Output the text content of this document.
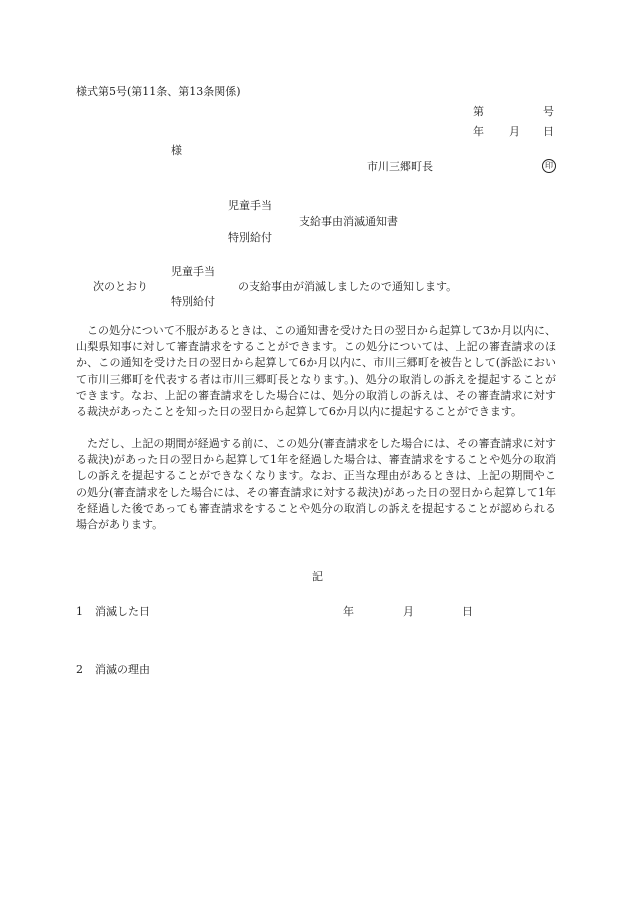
様式第5号(第11条、第13条関係)
第	号
年 月 日
様
市川三郷町長	印
児童手当
支給事由消滅通知書
特別給付
児童手当
次のとおり	の支給事由が消滅しましたので通知します。
特別給付
この処分について不服があるときは、この通知書を受けた日の翌日から起算して3か月以内に、山梨県知事に対して審査請求をすることができます。この処分については、上記の審査請求のほか、この通知を受けた日の翌日から起算して6か月以内に、市川三郷町を被告として(訴訟において市川三郷町を代表する者は市川三郷町長となります。)、処分の取消しの訴えを提起することができます。なお、上記の審査請求をした場合には、処分の取消しの訴えは、その審査請求に対する裁決があったことを知った日の翌日から起算して6か月以内に提起することができます。
ただし、上記の期間が経過する前に、この処分(審査請求をした場合には、その審査請求に対する裁決)があった日の翌日から起算して1年を経過した場合は、審査請求をすることや処分の取消しの訴えを提起することができなくなります。なお、正当な理由があるときは、上記の期間やこの処分(審査請求をした場合には、その審査請求に対する裁決)があった日の翌日から起算して1年を経過した後であっても審査請求をすることや処分の取消しの訴えを提起することが認められる場合があります。
記
1 消滅した日	年	月	日
2 消滅の理由
